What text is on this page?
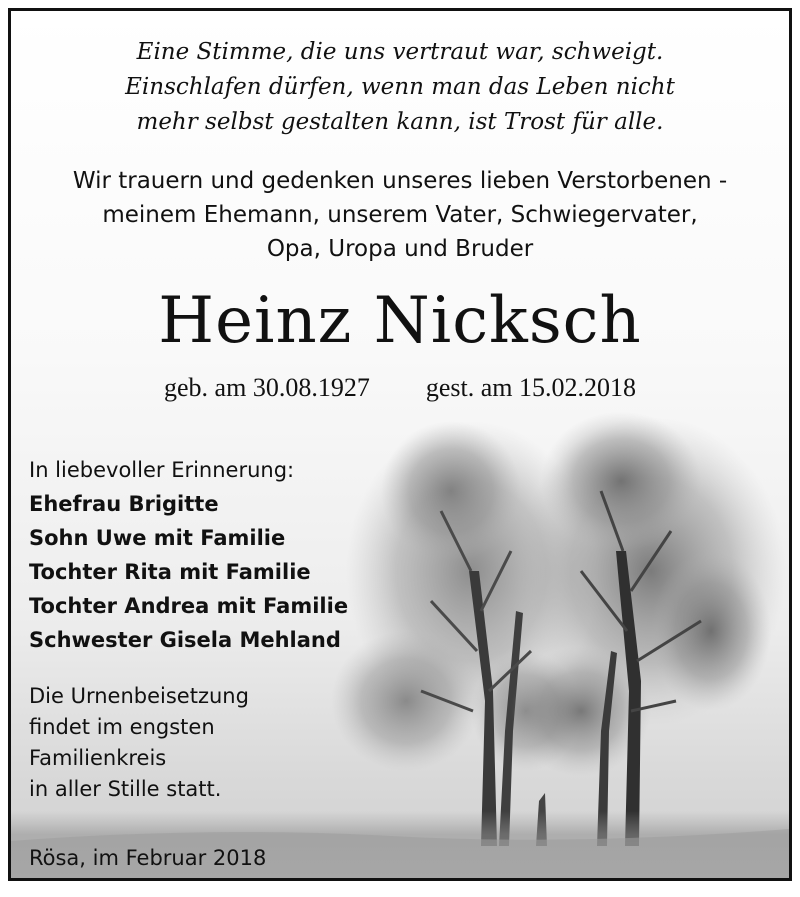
Eine Stimme, die uns vertraut war, schweigt.
Einschlafen dürfen, wenn man das Leben nicht
mehr selbst gestalten kann, ist Trost für alle.
Wir trauern und gedenken unseres lieben Verstorbenen -
meinem Ehemann, unserem Vater, Schwiegervater,
Opa, Uropa und Bruder
Heinz Nicksch
geb. am 30.08.1927 gest. am 15.02.2018
In liebevoller Erinnerung:
Ehefrau Brigitte
Sohn Uwe mit Familie
Tochter Rita mit Familie
Tochter Andrea mit Familie
Schwester Gisela Mehland
Die Urnenbeisetzung
findet im engsten
Familienkreis
in aller Stille statt.
Rösa, im Februar 2018
